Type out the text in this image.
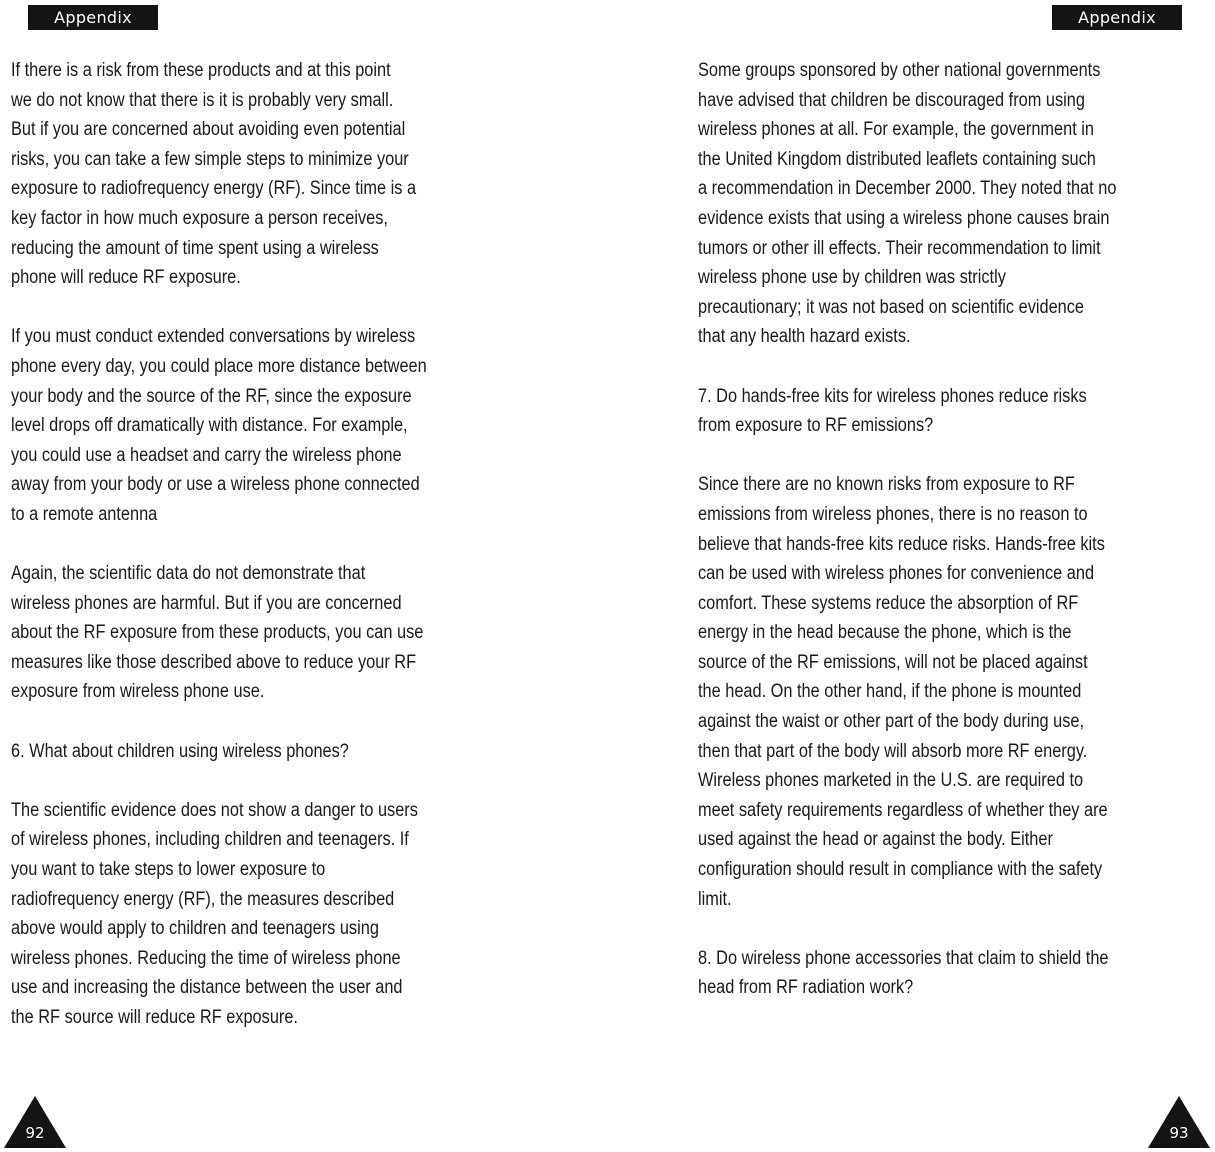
Appendix	Appendix

If there is a risk from these products and at this point
we do not know that there is it is probably very small.
But if you are concerned about avoiding even potential
risks, you can take a few simple steps to minimize your
exposure to radiofrequency energy (RF). Since time is a
key factor in how much exposure a person receives,
reducing the amount of time spent using a wireless
phone will reduce RF exposure.

If you must conduct extended conversations by wireless
phone every day, you could place more distance between
your body and the source of the RF, since the exposure
level drops off dramatically with distance. For example,
you could use a headset and carry the wireless phone
away from your body or use a wireless phone connected
to a remote antenna

Again, the scientific data do not demonstrate that
wireless phones are harmful. But if you are concerned
about the RF exposure from these products, you can use
measures like those described above to reduce your RF
exposure from wireless phone use.

6. What about children using wireless phones?

The scientific evidence does not show a danger to users
of wireless phones, including children and teenagers. If
you want to take steps to lower exposure to
radiofrequency energy (RF), the measures described
above would apply to children and teenagers using
wireless phones. Reducing the time of wireless phone
use and increasing the distance between the user and
the RF source will reduce RF exposure.

Some groups sponsored by other national governments
have advised that children be discouraged from using
wireless phones at all. For example, the government in
the United Kingdom distributed leaflets containing such
a recommendation in December 2000. They noted that no
evidence exists that using a wireless phone causes brain
tumors or other ill effects. Their recommendation to limit
wireless phone use by children was strictly
precautionary; it was not based on scientific evidence
that any health hazard exists.

7. Do hands-free kits for wireless phones reduce risks
from exposure to RF emissions?

Since there are no known risks from exposure to RF
emissions from wireless phones, there is no reason to
believe that hands-free kits reduce risks. Hands-free kits
can be used with wireless phones for convenience and
comfort. These systems reduce the absorption of RF
energy in the head because the phone, which is the
source of the RF emissions, will not be placed against
the head. On the other hand, if the phone is mounted
against the waist or other part of the body during use,
then that part of the body will absorb more RF energy.
Wireless phones marketed in the U.S. are required to
meet safety requirements regardless of whether they are
used against the head or against the body. Either
configuration should result in compliance with the safety
limit.

8. Do wireless phone accessories that claim to shield the
head from RF radiation work?

92	93
